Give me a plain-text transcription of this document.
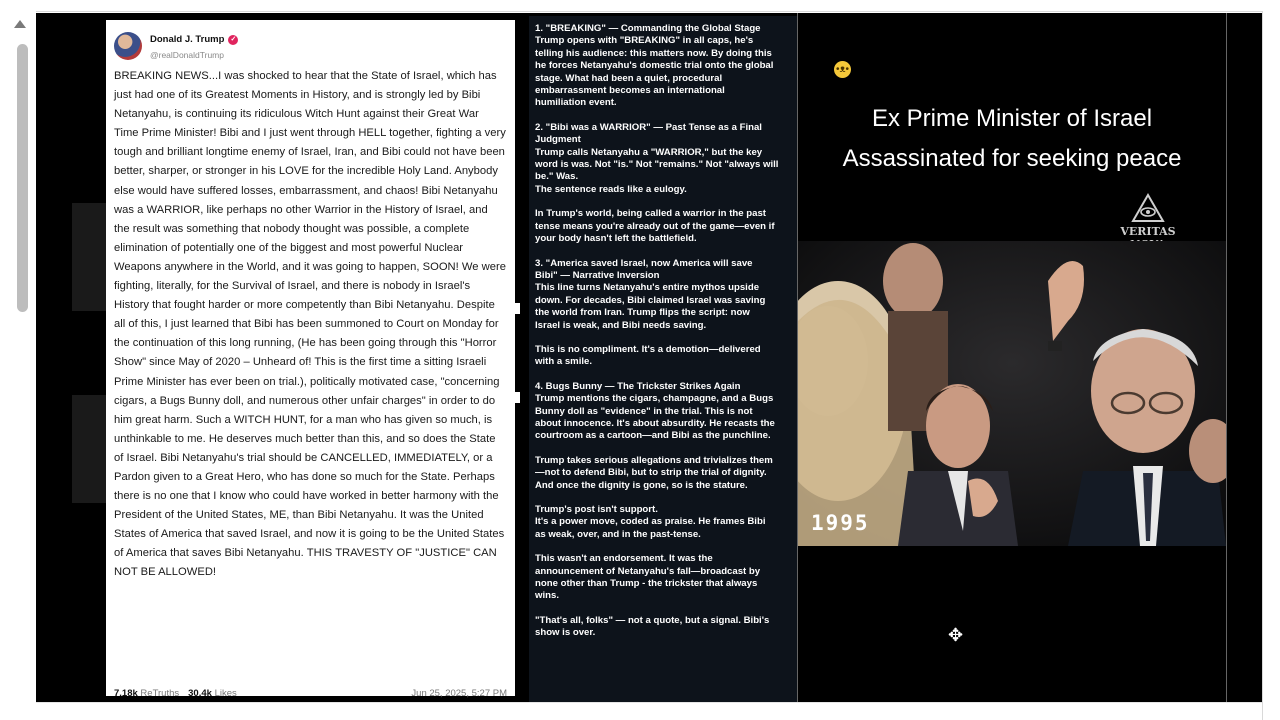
Donald J. Trump ✓
@realDonaldTrump
BREAKING NEWS...I was shocked to hear that the State of Israel, which has just had one of its Greatest Moments in History, and is strongly led by Bibi Netanyahu, is continuing its ridiculous Witch Hunt against their Great War Time Prime Minister! Bibi and I just went through HELL together, fighting a very tough and brilliant longtime enemy of Israel, Iran, and Bibi could not have been better, sharper, or stronger in his LOVE for the incredible Holy Land. Anybody else would have suffered losses, embarrassment, and chaos! Bibi Netanyahu was a WARRIOR, like perhaps no other Warrior in the History of Israel, and the result was something that nobody thought was possible, a complete elimination of potentially one of the biggest and most powerful Nuclear Weapons anywhere in the World, and it was going to happen, SOON! We were fighting, literally, for the Survival of Israel, and there is nobody in Israel's History that fought harder or more competently than Bibi Netanyahu. Despite all of this, I just learned that Bibi has been summoned to Court on Monday for the continuation of this long running, (He has been going through this "Horror Show" since May of 2020 – Unheard of! This is the first time a sitting Israeli Prime Minister has ever been on trial.), politically motivated case, "concerning cigars, a Bugs Bunny doll, and numerous other unfair charges" in order to do him great harm. Such a WITCH HUNT, for a man who has given so much, is unthinkable to me. He deserves much better than this, and so does the State of Israel. Bibi Netanyahu's trial should be CANCELLED, IMMEDIATELY, or a Pardon given to a Great Hero, who has done so much for the State. Perhaps there is no one that I know who could have worked in better harmony with the President of the United States, ME, than Bibi Netanyahu. It was the United States of America that saved Israel, and now it is going to be the United States of America that saves Bibi Netanyahu. THIS TRAVESTY OF "JUSTICE" CAN NOT BE ALLOWED!
7.18k
ReTruths 30.4k
Likes	Jun 25, 2025, 5:27 PM
1. "BREAKING" — Commanding the Global Stage
Trump opens with "BREAKING" in all caps, he's
telling his audience: this matters now. By doing this
he forces Netanyahu's domestic trial onto the global
stage. What had been a quiet, procedural
embarrassment becomes an international
humiliation event.
2. "Bibi was a WARRIOR" — Past Tense as a Final
Judgment
Trump calls Netanyahu a "WARRIOR," but the key
word is was. Not "is." Not "remains." Not "always will
be." Was.
The sentence reads like a eulogy.
In Trump's world, being called a warrior in the past
tense means you're already out of the game—even if
your body hasn't left the battlefield.
3. "America saved Israel, now America will save
Bibi" — Narrative Inversion
This line turns Netanyahu's entire mythos upside
down. For decades, Bibi claimed Israel was saving
the world from Iran. Trump flips the script: now
Israel is weak, and Bibi needs saving.
This is no compliment. It's a demotion—delivered
with a smile.
4. Bugs Bunny — The Trickster Strikes Again
Trump mentions the cigars, champagne, and a Bugs
Bunny doll as "evidence" in the trial. This is not
about innocence. It's about absurdity. He recasts the
courtroom as a cartoon—and Bibi as the punchline.
Trump takes serious allegations and trivializes them
—not to defend Bibi, but to strip the trial of dignity.
And once the dignity is gone, so is the stature.
Trump's post isn't support.
It's a power move, coded as praise. He frames Bibi
as weak, over, and in the past-tense.
This wasn't an endorsement. It was the
announcement of Netanyahu's fall—broadcast by
none other than Trump - the trickster that always
wins.
"That's all, folks" — not a quote, but a signal. Bibi's
show is over.
•ᴥ•
Ex Prime Minister of Israel
Assassinated for seeking peace
VERITAS
1995
✥
